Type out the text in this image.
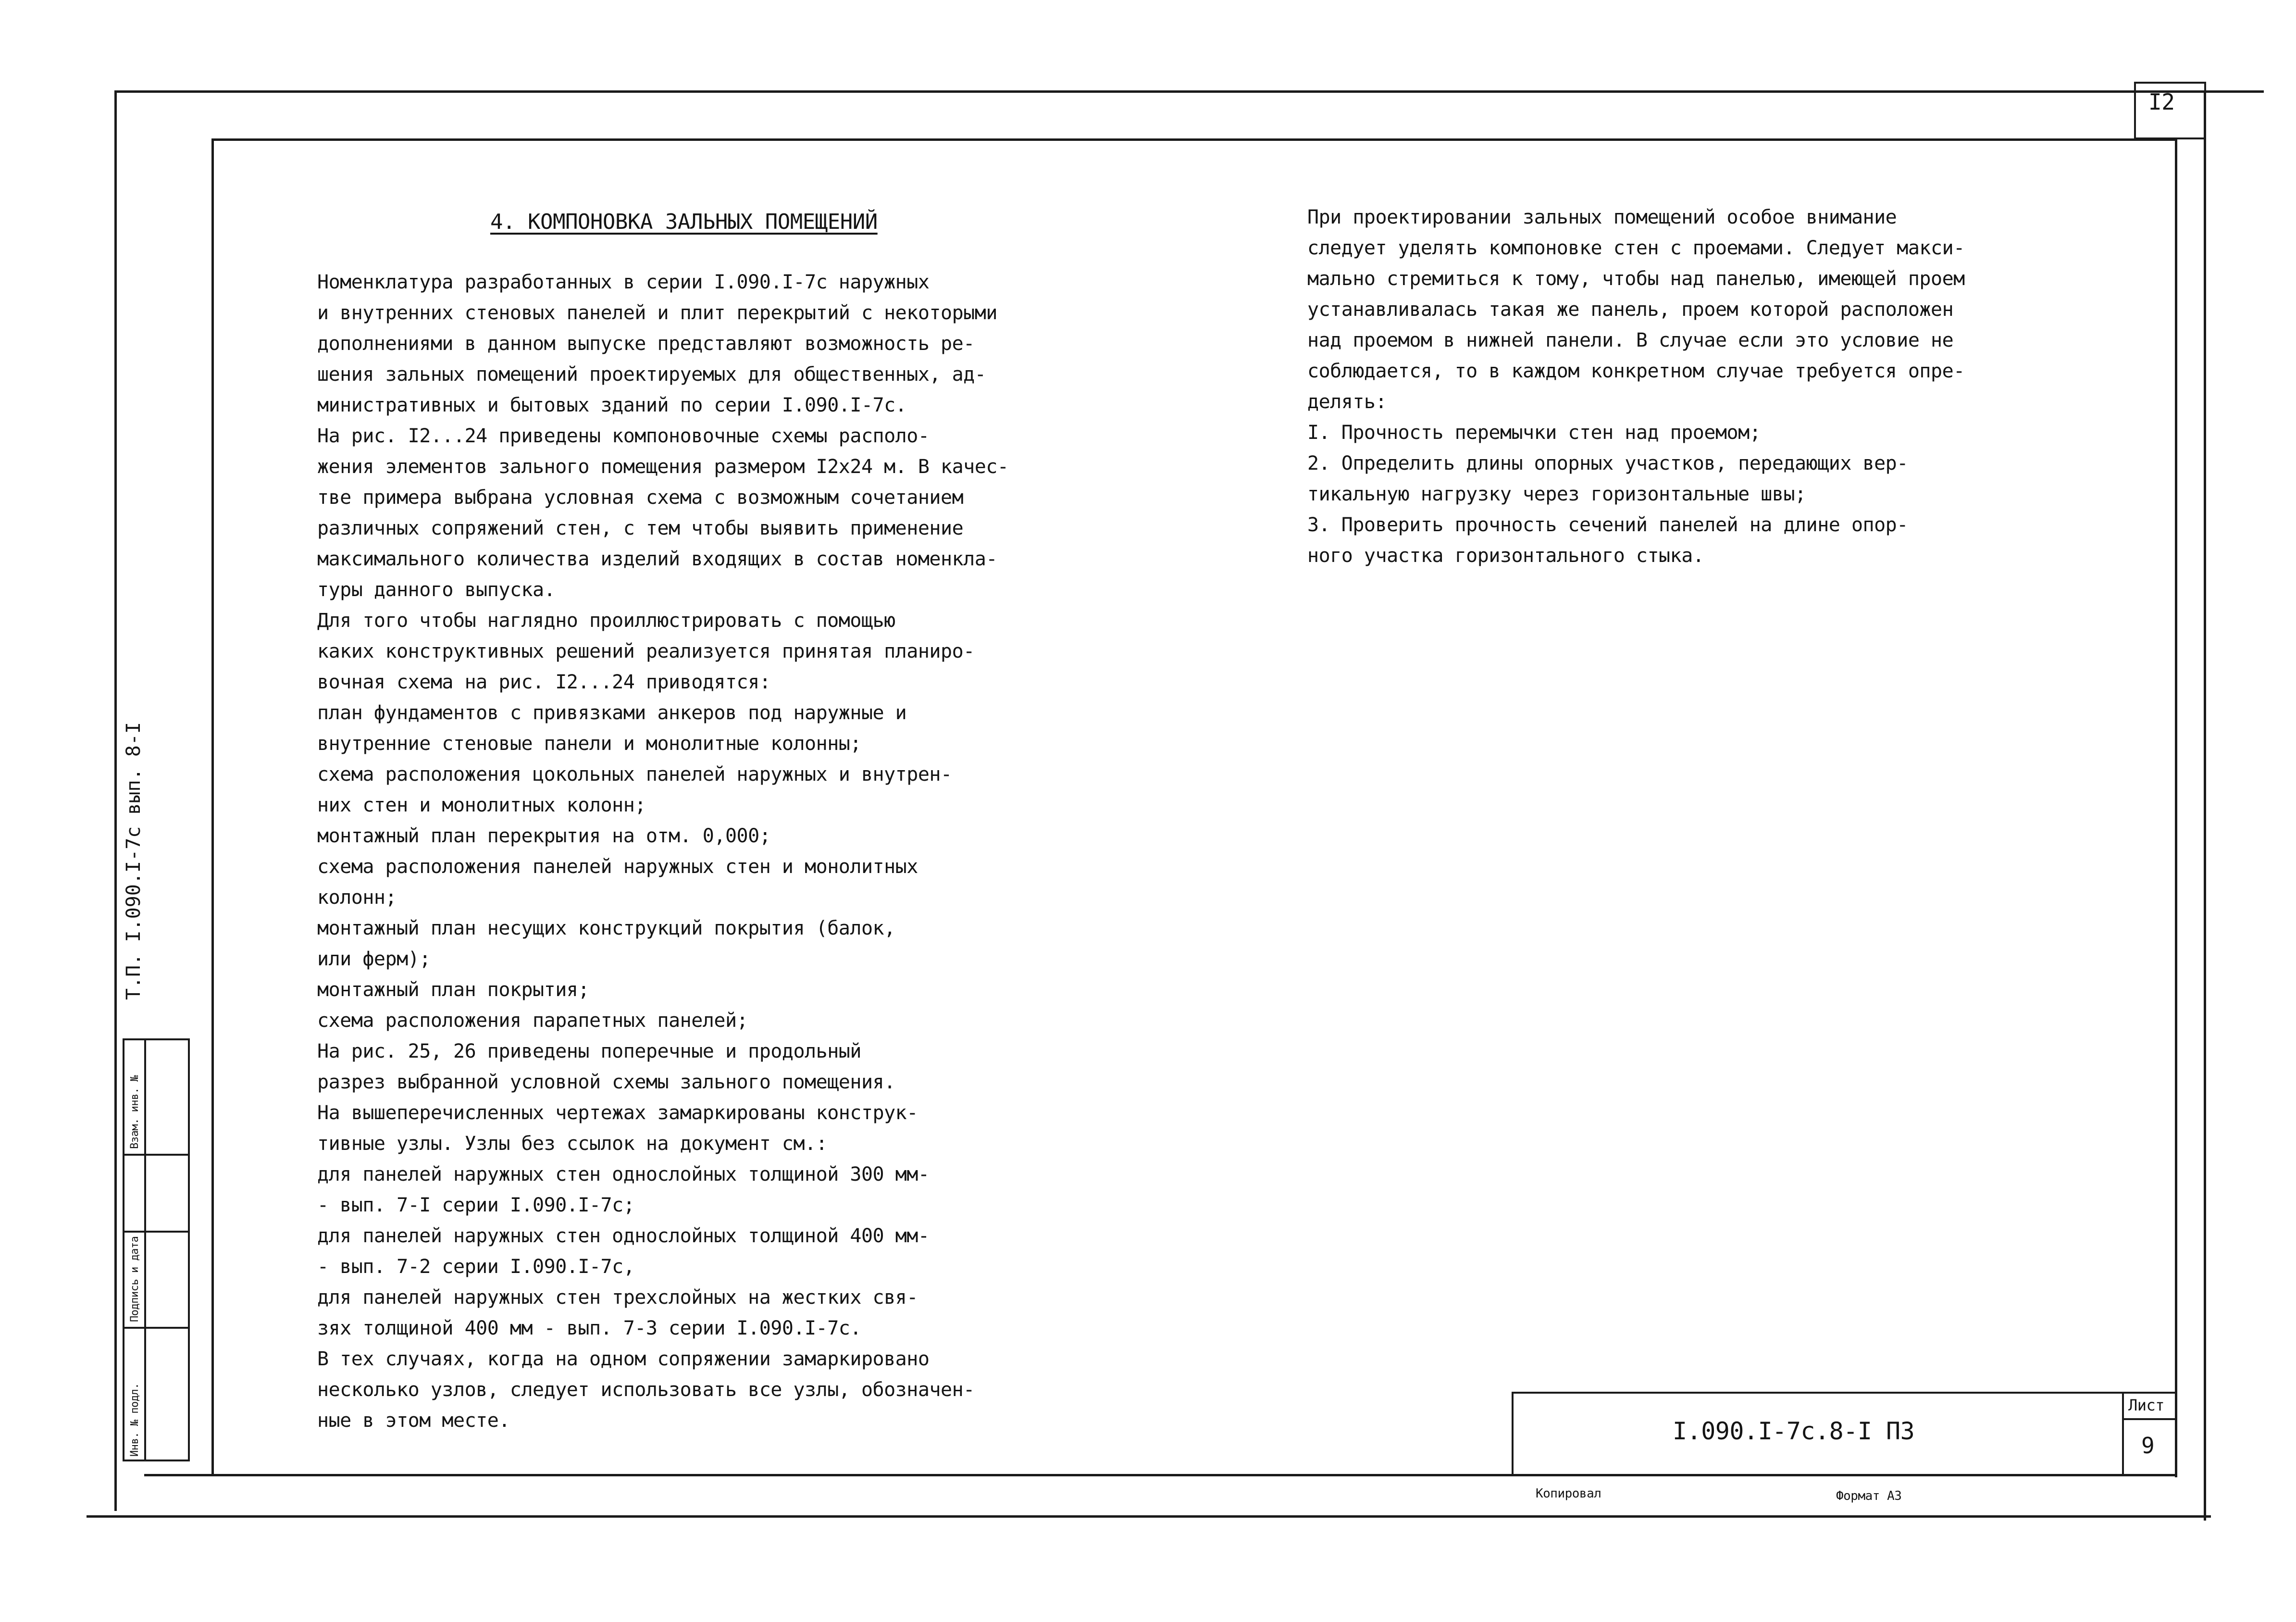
I2
Т.П. I.090.I-7с вып. 8-I
Инв. № подл.
Подпись и дата
Взам. инв. №
4. КОМПОНОВКА ЗАЛЬНЫХ ПОМЕЩЕНИЙ
Номенклатура разработанных в серии I.090.I-7с наружных
и внутренних стеновых панелей и плит перекрытий с некоторыми
дополнениями в данном выпуске представляют возможность ре-
шения зальных помещений проектируемых для общественных, ад-
министративных и бытовых зданий по серии I.090.I-7с.
На рис. I2...24 приведены компоновочные схемы располо-
жения элементов зального помещения размером I2х24 м. В качес-
тве примера выбрана условная схема с возможным сочетанием
различных сопряжений стен, с тем чтобы выявить применение
максимального количества изделий входящих в состав номенкла-
туры данного выпуска.
Для того чтобы наглядно проиллюстрировать с помощью
каких конструктивных решений реализуется принятая планиро-
вочная схема на рис. I2...24 приводятся:
план фундаментов с привязками анкеров под наружные и
внутренние стеновые панели и монолитные колонны;
схема расположения цокольных панелей наружных и внутрен-
них стен и монолитных колонн;
монтажный план перекрытия на отм. 0,000;
схема расположения панелей наружных стен и монолитных
колонн;
монтажный план несущих конструкций покрытия (балок,
или ферм);
монтажный план покрытия;
схема расположения парапетных панелей;
На рис. 25, 26 приведены поперечные и продольный
разрез выбранной условной схемы зального помещения.
На вышеперечисленных чертежах замаркированы конструк-
тивные узлы. Узлы без ссылок на документ см.:
для панелей наружных стен однослойных толщиной 300 мм-
- вып. 7-I серии I.090.I-7с;
для панелей наружных стен однослойных толщиной 400 мм-
- вып. 7-2 серии I.090.I-7с,
для панелей наружных стен трехслойных на жестких свя-
зях толщиной 400 мм - вып. 7-3 серии I.090.I-7с.
В тех случаях, когда на одном сопряжении замаркировано
несколько узлов, следует использовать все узлы, обозначен-
ные в этом месте.
При проектировании зальных помещений особое внимание
следует уделять компоновке стен с проемами. Следует макси-
мально стремиться к тому, чтобы над панелью, имеющей проем
устанавливалась такая же панель, проем которой расположен
над проемом в нижней панели. В случае если это условие не
соблюдается, то в каждом конкретном случае требуется опре-
делять:
I. Прочность перемычки стен над проемом;
2. Определить длины опорных участков, передающих вер-
тикальную нагрузку через горизонтальные швы;
3. Проверить прочность сечений панелей на длине опор-
ного участка горизонтального стыка.
I.090.I-7с.8-I ПЗ
Лист
9
Копировал	Формат А3
